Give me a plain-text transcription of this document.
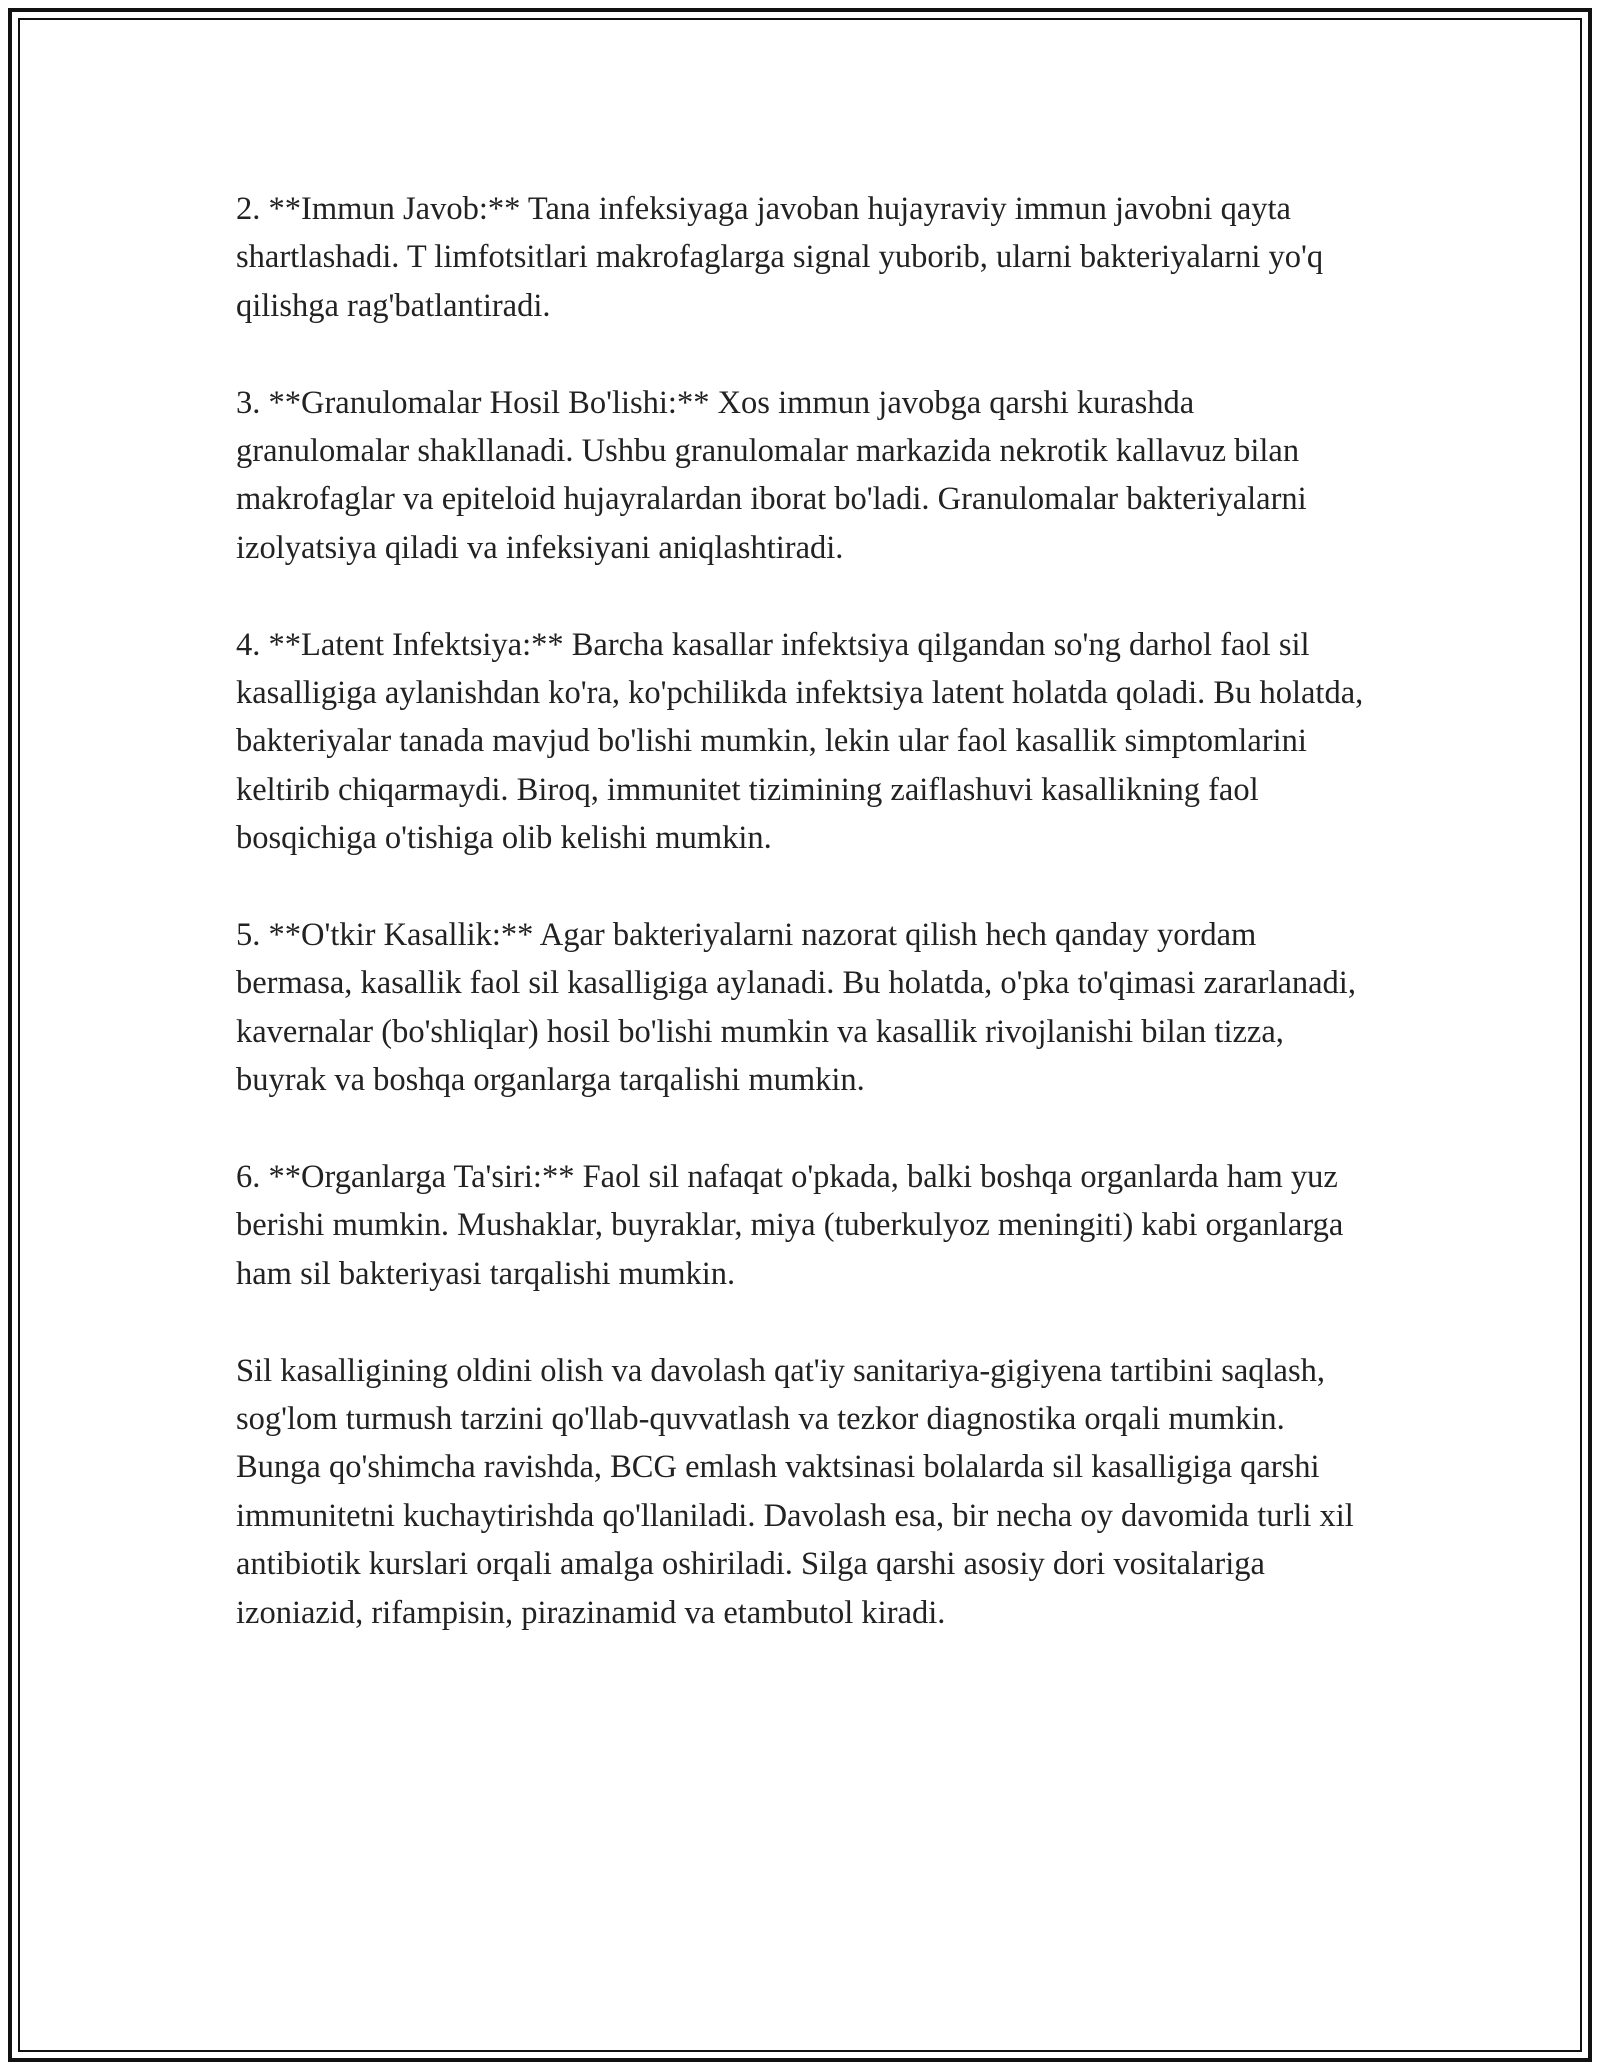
2. **Immun Javob:** Tana infeksiyaga javoban hujayraviy immun javobni qayta shartlashadi. T limfotsitlari makrofaglarga signal yuborib, ularni bakteriyalarni yo'q qilishga rag'batlantiradi.

3. **Granulomalar Hosil Bo'lishi:** Xos immun javobga qarshi kurashda granulomalar shakllanadi. Ushbu granulomalar markazida nekrotik kallavuz bilan makrofaglar va epiteloid hujayralardan iborat bo'ladi. Granulomalar bakteriyalarni izolyatsiya qiladi va infeksiyani aniqlashtiradi.

4. **Latent Infektsiya:** Barcha kasallar infektsiya qilgandan so'ng darhol faol sil kasalligiga aylanishdan ko'ra, ko'pchilikda infektsiya latent holatda qoladi. Bu holatda, bakteriyalar tanada mavjud bo'lishi mumkin, lekin ular faol kasallik simptomlarini keltirib chiqarmaydi. Biroq, immunitet tizimining zaiflashuvi kasallikning faol bosqichiga o'tishiga olib kelishi mumkin.

5. **O'tkir Kasallik:** Agar bakteriyalarni nazorat qilish hech qanday yordam bermasa, kasallik faol sil kasalligiga aylanadi. Bu holatda, o'pka to'qimasi zararlanadi, kavernalar (bo'shliqlar) hosil bo'lishi mumkin va kasallik rivojlanishi bilan tizza, buyrak va boshqa organlarga tarqalishi mumkin.

6. **Organlarga Ta'siri:** Faol sil nafaqat o'pkada, balki boshqa organlarda ham yuz berishi mumkin. Mushaklar, buyraklar, miya (tuberkulyoz meningiti) kabi organlarga ham sil bakteriyasi tarqalishi mumkin.

Sil kasalligining oldini olish va davolash qat'iy sanitariya-gigiyena tartibini saqlash, sog'lom turmush tarzini qo'llab-quvvatlash va tezkor diagnostika orqali mumkin. Bunga qo'shimcha ravishda, BCG emlash vaktsinasi bolalarda sil kasalligiga qarshi immunitetni kuchaytirishda qo'llaniladi. Davolash esa, bir necha oy davomida turli xil antibiotik kurslari orqali amalga oshiriladi. Silga qarshi asosiy dori vositalariga izoniazid, rifampisin, pirazinamid va etambutol kiradi.
